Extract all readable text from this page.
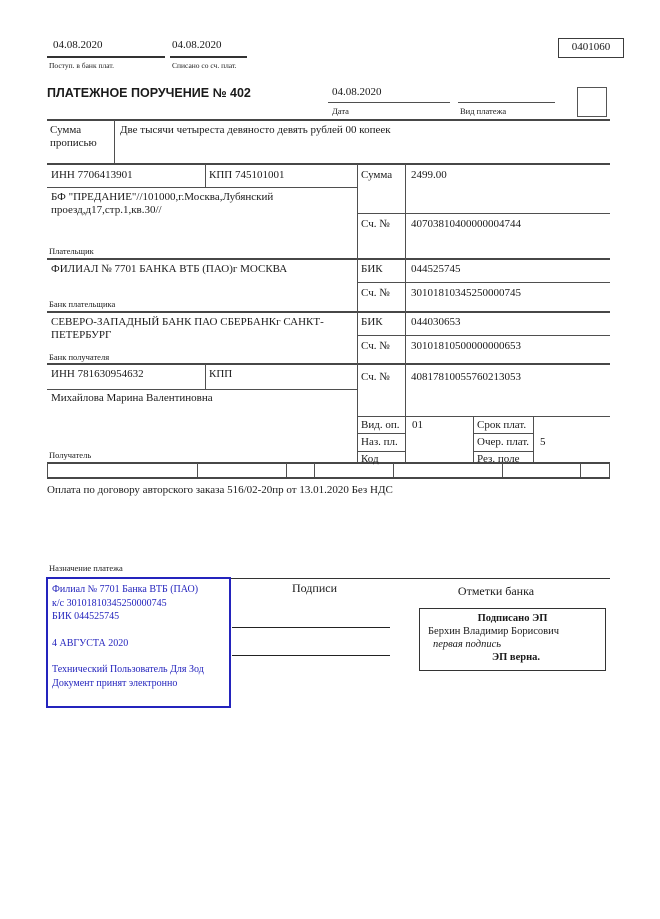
04.08.2020
Поступ. в банк плат.
04.08.2020
Списано со сч. плат.
0401060
ПЛАТЕЖНОЕ ПОРУЧЕНИЕ № 402	04.08.2020
Дата	Вид платежа
Сумма прописью
Две тысячи четыреста девяносто девять рублей 00 копеек
ИНН 7706413901	КПП 745101001	Сумма 2499.00
БФ "ПРЕДАНИЕ"//101000,г.Москва,Лубянский проезд,д17,стр.1,кв.30//
Сч. № 40703810400000004744
Плательщик
ФИЛИАЛ № 7701 БАНКА ВТБ (ПАО)г МОСКВА	БИК	044525745
Сч. № 30101810345250000745
Банк плательщика
СЕВЕРО-ЗАПАДНЫЙ БАНК ПАО СБЕРБАНКг САНКТ-ПЕТЕРБУРГ
БИК	044030653
Сч. № 30101810500000000653
Банк получателя
ИНН 781630954632	КПП	Сч. № 40817810055760213053
Михайлова Марина Валентиновна
Получатель
Вид. оп. 01	Срок плат.
Наз. пл.	Очер. плат. 5
Код	Рез. поле
Оплата по договору авторского заказа 516/02-20пр от 13.01.2020 Без НДС
Назначение платежа
Подписи	Отметки банка
Филиал № 7701 Банка ВТБ (ПАО)
к/с 30101810345250000745
БИК 044525745
4 АВГУСТА 2020
Технический Пользователь Для Зод
Документ принят электронно
Подписано ЭП
Берхин Владимир Борисович
первая подпись
ЭП верна.
